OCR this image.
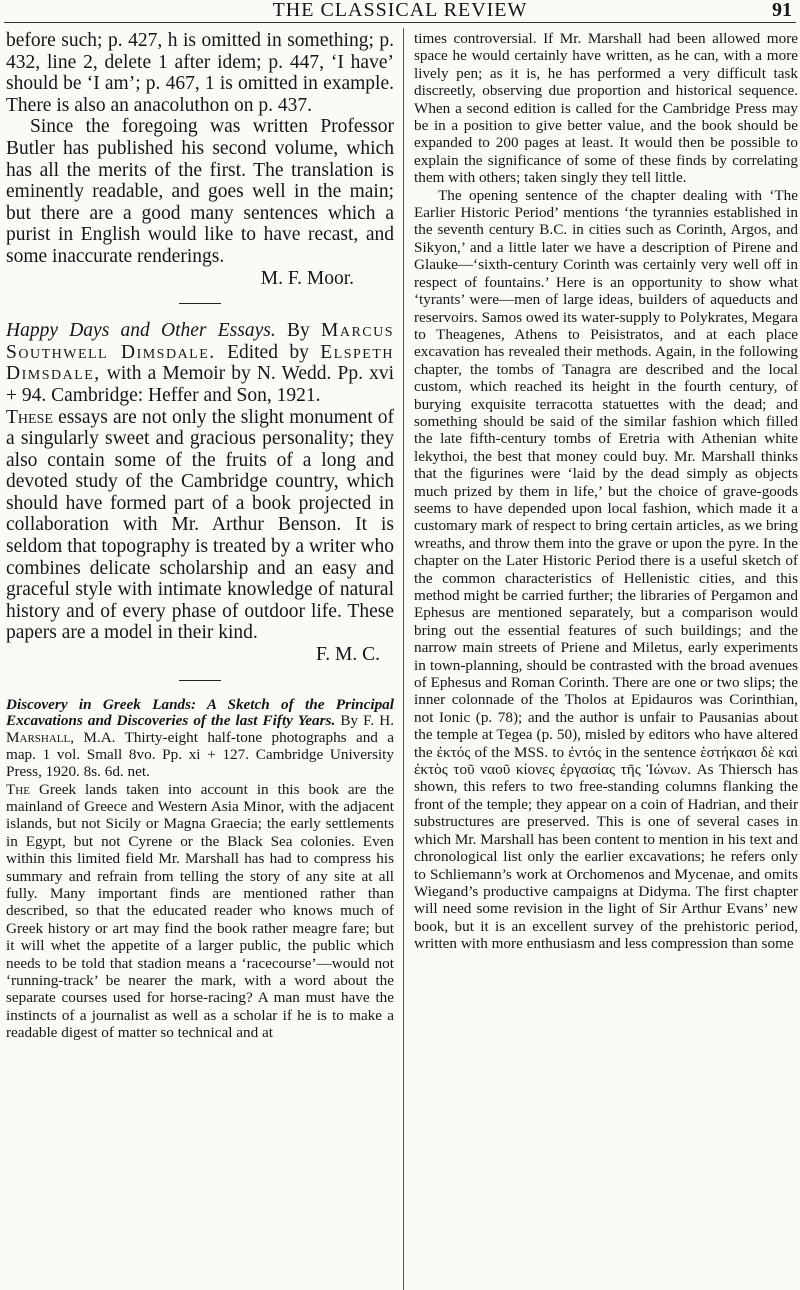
THE CLASSICAL REVIEW	91

before such; p. 427, h is omitted in something; p. 432, line 2, delete 1 after idem; p. 447, ‘I have’ should be ‘I am’; p. 467, 1 is omitted in example. There is also an anacoluthon on p. 437.

Since the foregoing was written Professor Butler has published his second volume, which has all the merits of the first. The translation is eminently readable, and goes well in the main; but there are a good many sentences which a purist in English would like to have recast, and some inaccurate renderings.

M. F. Moor.

Happy Days and Other Essays. By Marcus Southwell Dimsdale. Edited by Elspeth Dimsdale, with a Memoir by N. Wedd. Pp. xvi + 94. Cambridge: Heffer and Son, 1921.

These essays are not only the slight monument of a singularly sweet and gracious personality; they also contain some of the fruits of a long and devoted study of the Cambridge country, which should have formed part of a book projected in collaboration with Mr. Arthur Benson. It is seldom that topography is treated by a writer who combines delicate scholarship and an easy and graceful style with intimate knowledge of natural history and of every phase of outdoor life. These papers are a model in their kind.

F. M. C.

Discovery in Greek Lands: A Sketch of the Principal Excavations and Discoveries of the last Fifty Years. By F. H. Marshall, M.A. Thirty-eight half-tone photographs and a map. 1 vol. Small 8vo. Pp. xi + 127. Cambridge University Press, 1920. 8s. 6d. net.

The Greek lands taken into account in this book are the mainland of Greece and Western Asia Minor, with the adjacent islands, but not Sicily or Magna Graecia; the early settlements in Egypt, but not Cyrene or the Black Sea colonies. Even within this limited field Mr. Marshall has had to compress his summary and refrain from telling the story of any site at all fully. Many important finds are mentioned rather than described, so that the educated reader who knows much of Greek history or art may find the book rather meagre fare; but it will whet the appetite of a larger public, the public which needs to be told that stadion means a ‘racecourse’—would not ‘running-track’ be nearer the mark, with a word about the separate courses used for horse-racing? A man must have the instincts of a journalist as well as a scholar if he is to make a readable digest of matter so technical and at

times controversial. If Mr. Marshall had been allowed more space he would certainly have written, as he can, with a more lively pen; as it is, he has performed a very difficult task discreetly, observing due proportion and historical sequence. When a second edition is called for the Cambridge Press may be in a position to give better value, and the book should be expanded to 200 pages at least. It would then be possible to explain the significance of some of these finds by correlating them with others; taken singly they tell little.

The opening sentence of the chapter dealing with ‘The Earlier Historic Period’ mentions ‘the tyrannies established in the seventh century B.C. in cities such as Corinth, Argos, and Sikyon,’ and a little later we have a description of Pirene and Glauke—‘sixth-century Corinth was certainly very well off in respect of fountains.’ Here is an opportunity to show what ‘tyrants’ were—men of large ideas, builders of aqueducts and reservoirs. Samos owed its water-supply to Polykrates, Megara to Theagenes, Athens to Peisistratos, and at each place excavation has revealed their methods. Again, in the following chapter, the tombs of Tanagra are described and the local custom, which reached its height in the fourth century, of burying exquisite terracotta statuettes with the dead; and something should be said of the similar fashion which filled the late fifth-century tombs of Eretria with Athenian white lekythoi, the best that money could buy. Mr. Marshall thinks that the figurines were ‘laid by the dead simply as objects much prized by them in life,’ but the choice of grave-goods seems to have depended upon local fashion, which made it a customary mark of respect to bring certain articles, as we bring wreaths, and throw them into the grave or upon the pyre. In the chapter on the Later Historic Period there is a useful sketch of the common characteristics of Hellenistic cities, and this method might be carried further; the libraries of Pergamon and Ephesus are mentioned separately, but a comparison would bring out the essential features of such buildings; and the narrow main streets of Priene and Miletus, early experiments in town-planning, should be contrasted with the broad avenues of Ephesus and Roman Corinth. There are one or two slips; the inner colonnade of the Tholos at Epidauros was Corinthian, not Ionic (p. 78); and the author is unfair to Pausanias about the temple at Tegea (p. 50), misled by editors who have altered the ἐκτός of the MSS. to ἐντός in the sentence ἑστήκασι δὲ καὶ ἐκτὸς τοῦ ναοῦ κίονες ἐργασίας τῆς Ἰώνων. As Thiersch has shown, this refers to two free-standing columns flanking the front of the temple; they appear on a coin of Hadrian, and their substructures are preserved. This is one of several cases in which Mr. Marshall has been content to mention in his text and chronological list only the earlier excavations; he refers only to Schliemann’s work at Orchomenos and Mycenae, and omits Wiegand’s productive campaigns at Didyma. The first chapter will need some revision in the light of Sir Arthur Evans’ new book, but it is an excellent survey of the prehistoric period, written with more enthusiasm and less compression than some
